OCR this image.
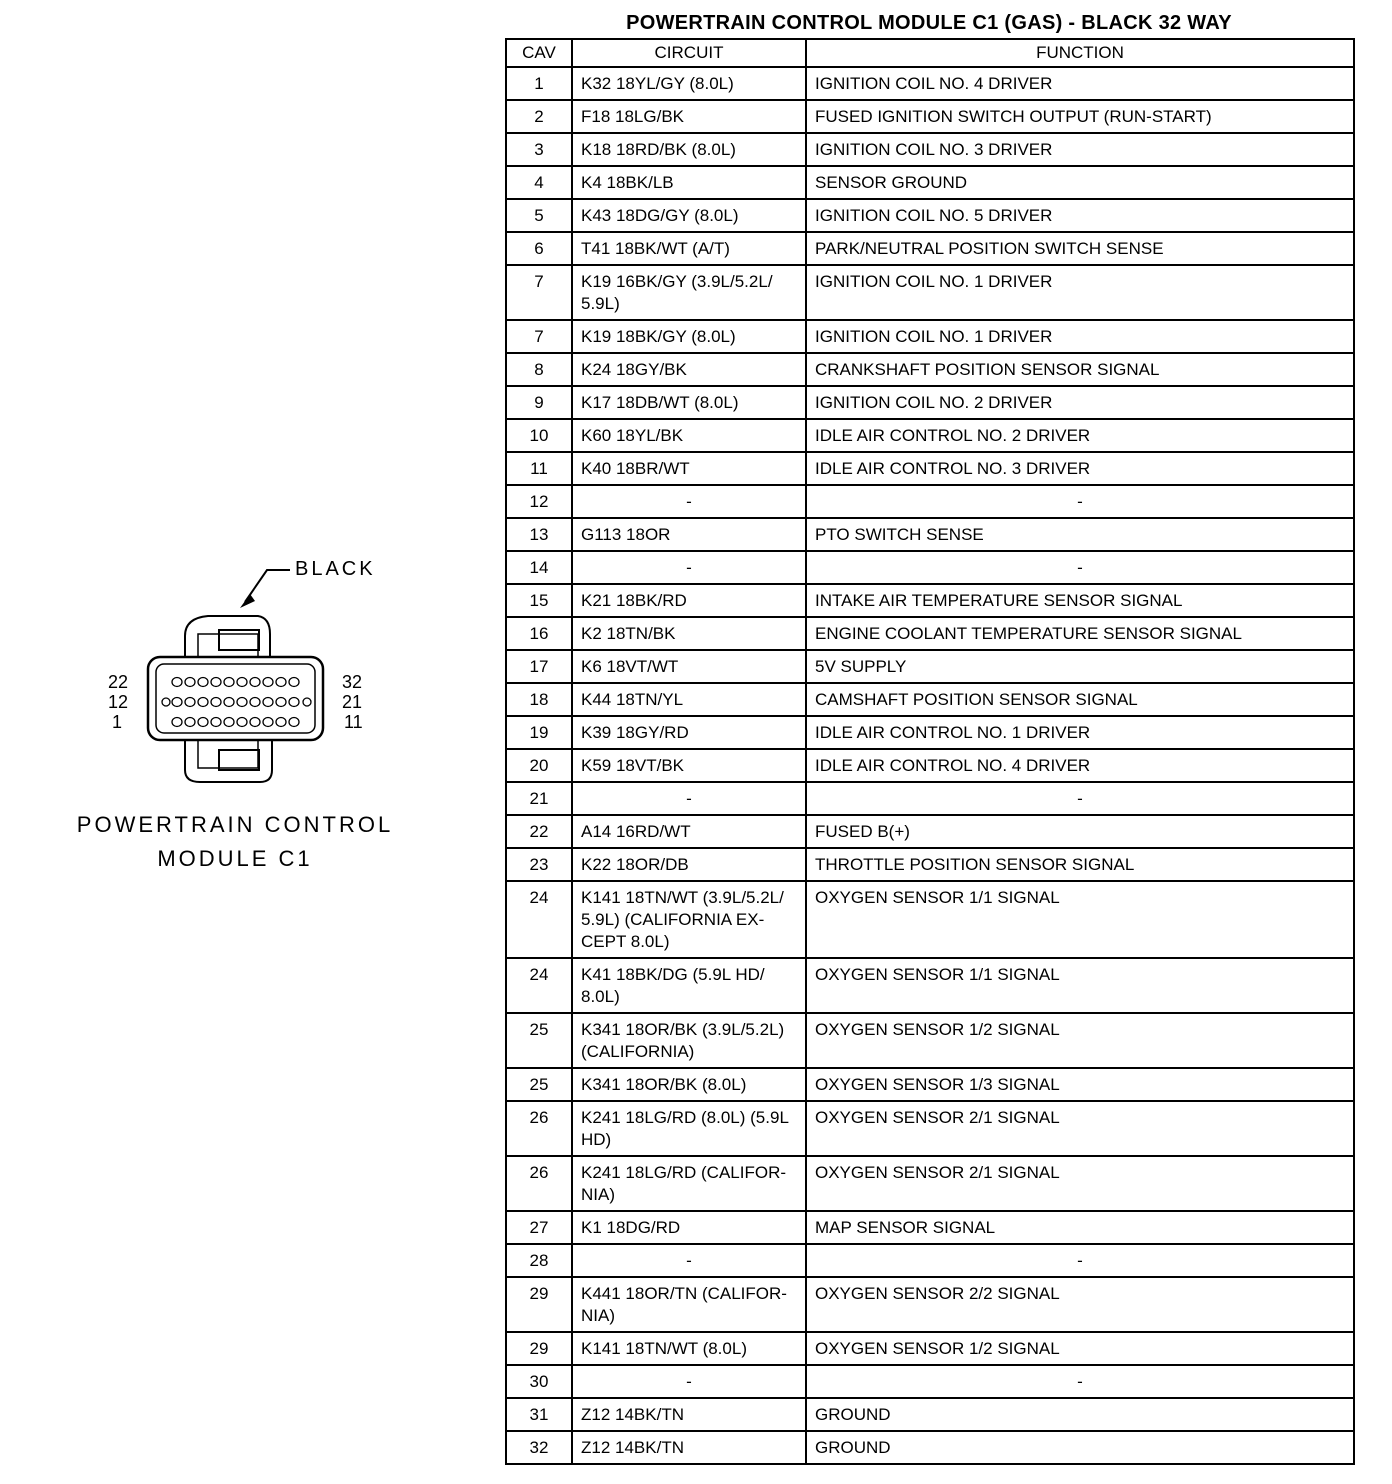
POWERTRAIN CONTROL MODULE C1 (GAS) - BLACK 32 WAY
CAV	CIRCUIT	FUNCTION
1	K32 18YL/GY (8.0L)	IGNITION COIL NO. 4 DRIVER
2	F18 18LG/BK	FUSED IGNITION SWITCH OUTPUT (RUN-START)
3	K18 18RD/BK (8.0L)	IGNITION COIL NO. 3 DRIVER
4	K4 18BK/LB	SENSOR GROUND
5	K43 18DG/GY (8.0L)	IGNITION COIL NO. 5 DRIVER
6	T41 18BK/WT (A/T)	PARK/NEUTRAL POSITION SWITCH SENSE
7	K19 16BK/GY (3.9L/5.2L/ 5.9L)	IGNITION COIL NO. 1 DRIVER
7	K19 18BK/GY (8.0L)	IGNITION COIL NO. 1 DRIVER
8	K24 18GY/BK	CRANKSHAFT POSITION SENSOR SIGNAL
9	K17 18DB/WT (8.0L)	IGNITION COIL NO. 2 DRIVER
10	K60 18YL/BK	IDLE AIR CONTROL NO. 2 DRIVER
11	K40 18BR/WT	IDLE AIR CONTROL NO. 3 DRIVER
12	-	-
13	G113 18OR	PTO SWITCH SENSE
14	-	-
15	K21 18BK/RD	INTAKE AIR TEMPERATURE SENSOR SIGNAL
16	K2 18TN/BK	ENGINE COOLANT TEMPERATURE SENSOR SIGNAL
17	K6 18VT/WT	5V SUPPLY
18	K44 18TN/YL	CAMSHAFT POSITION SENSOR SIGNAL
19	K39 18GY/RD	IDLE AIR CONTROL NO. 1 DRIVER
20	K59 18VT/BK	IDLE AIR CONTROL NO. 4 DRIVER
21	-	-
22	A14 16RD/WT	FUSED B(+)
23	K22 18OR/DB	THROTTLE POSITION SENSOR SIGNAL
24	K141 18TN/WT (3.9L/5.2L/ 5.9L) (CALIFORNIA EX- CEPT 8.0L)	OXYGEN SENSOR 1/1 SIGNAL
24	K41 18BK/DG (5.9L HD/ 8.0L)	OXYGEN SENSOR 1/1 SIGNAL
25	K341 18OR/BK (3.9L/5.2L) (CALIFORNIA)	OXYGEN SENSOR 1/2 SIGNAL
25	K341 18OR/BK (8.0L)	OXYGEN SENSOR 1/3 SIGNAL
26	K241 18LG/RD (8.0L) (5.9L HD)	OXYGEN SENSOR 2/1 SIGNAL
26	K241 18LG/RD (CALIFOR- NIA)	OXYGEN SENSOR 2/1 SIGNAL
27	K1 18DG/RD	MAP SENSOR SIGNAL
28	-	-
29	K441 18OR/TN (CALIFOR- NIA)	OXYGEN SENSOR 2/2 SIGNAL
29	K141 18TN/WT (8.0L)	OXYGEN SENSOR 1/2 SIGNAL
30	-	-
31	Z12 14BK/TN	GROUND
32	Z12 14BK/TN	GROUND
BLACK
22
12
1
32
21
11
POWERTRAIN CONTROL
MODULE C1
